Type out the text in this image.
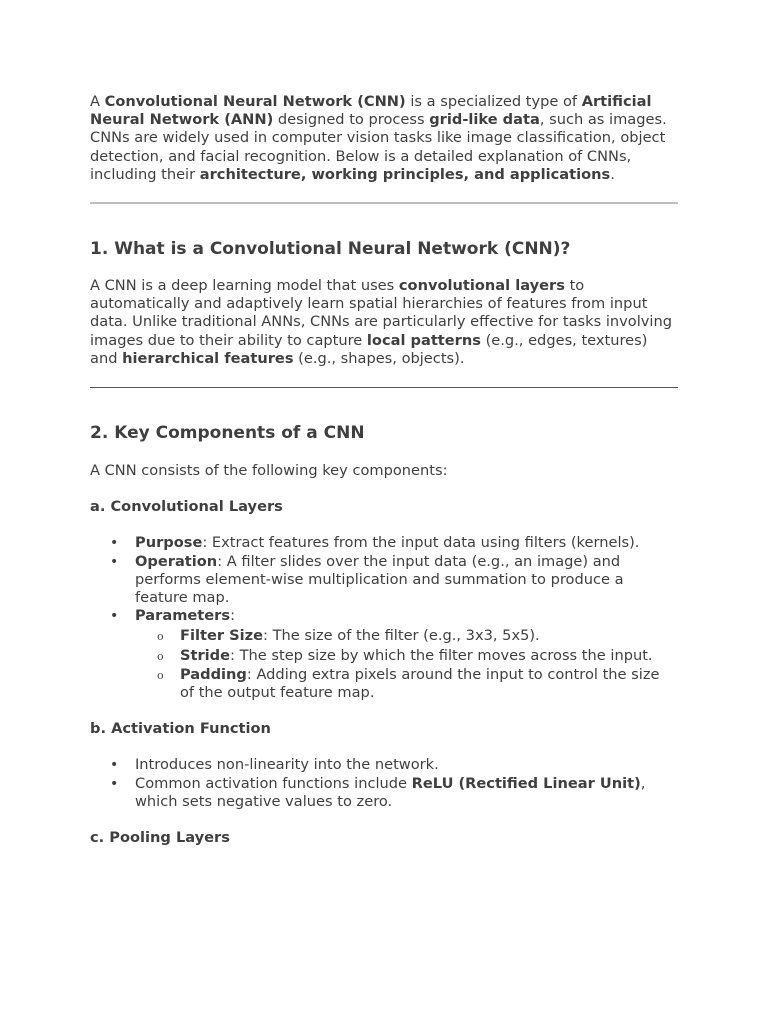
A Convolutional Neural Network (CNN) is a specialized type of Artificial Neural Network (ANN) designed to process grid-like data, such as images. CNNs are widely used in computer vision tasks like image classification, object detection, and facial recognition. Below is a detailed explanation of CNNs, including their architecture, working principles, and applications.

1. What is a Convolutional Neural Network (CNN)?

A CNN is a deep learning model that uses convolutional layers to automatically and adaptively learn spatial hierarchies of features from input data. Unlike traditional ANNs, CNNs are particularly effective for tasks involving images due to their ability to capture local patterns (e.g., edges, textures) and hierarchical features (e.g., shapes, objects).

2. Key Components of a CNN

A CNN consists of the following key components:

a. Convolutional Layers
• Purpose: Extract features from the input data using filters (kernels).
• Operation: A filter slides over the input data (e.g., an image) and performs element-wise multiplication and summation to produce a feature map.
• Parameters:
o Filter Size: The size of the filter (e.g., 3x3, 5x5).
o Stride: The step size by which the filter moves across the input.
o Padding: Adding extra pixels around the input to control the size of the output feature map.
b. Activation Function
• Introduces non-linearity into the network.
• Common activation functions include ReLU (Rectified Linear Unit), which sets negative values to zero.
c. Pooling Layers
